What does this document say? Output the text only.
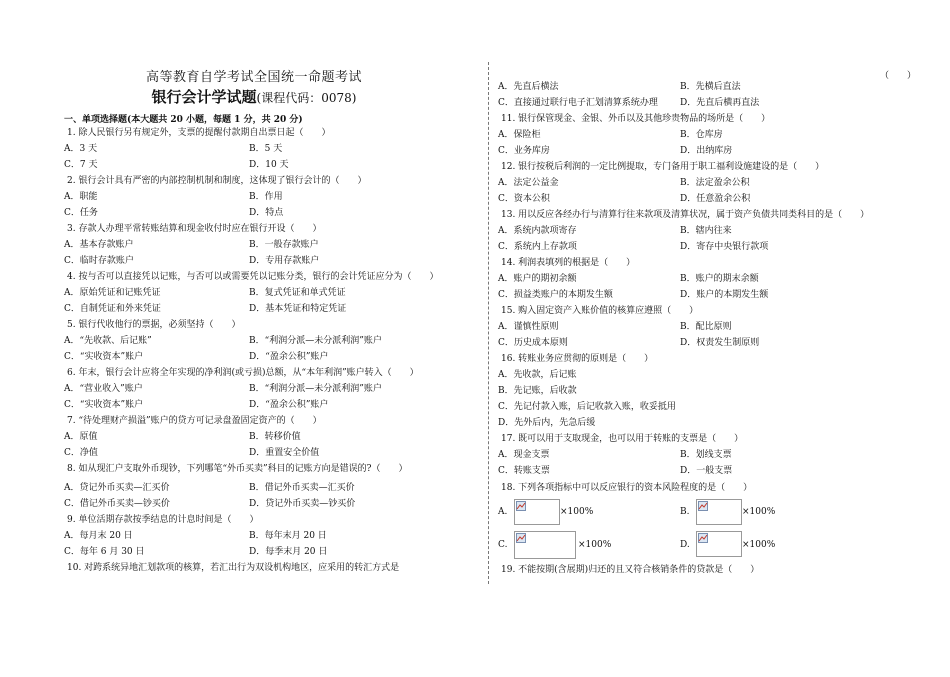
（　　）
高等教育自学考试全国统一命题考试
银行会计学试题(课程代码：0078)
一、单项选择题(本大题共 20 小题，每题 1 分，共 20 分)
1. 除人民银行另有规定外，支票的提醒付款期自出票日起（　　）
A．3 天	B．5 天
C．7 天	D．10 天
2. 银行会计具有严密的内部控制机制和制度，这体现了银行会计的（　　）
A．职能	B．作用
C．任务	D．特点
3. 存款人办理平常转账结算和现金收付时应在银行开设（　　）
A．基本存款账户	B．一般存款账户
C．临时存款账户	D．专用存款账户
4. 按与否可以直接凭以记账，与否可以或需要凭以记账分类，银行的会计凭证应分为（　　）
A．原始凭证和记账凭证	B．复式凭证和单式凭证
C．自制凭证和外来凭证	D．基本凭证和特定凭证
5. 银行代收他行的票据，必须坚持（　　）
A．“先收款、后记账”	B．“利润分派—未分派利润”账户
C．“实收资本”账户	D．“盈余公积”账户
6. 年末，银行会计应将全年实现的净利润(或亏损)总额，从“本年利润”账户转入（　　）
A．“营业收入”账户	B．“利润分派—未分派利润”账户
C．“实收资本”账户	D．“盈余公积”账户
7. “待处理财产损溢”账户的贷方可记录盘盈固定资产的（　　）
A．原值	B．转移价值
C．净值	D．重置安全价值
8. 如从现汇户支取外币现钞，下列哪笔“外币买卖”科目的记账方向是错误的?（　　）
A．贷记外币买卖—汇买价	B．借记外币买卖—汇买价
C．借记外币买卖—钞买价	D．贷记外币买卖—钞买价
9. 单位活期存款按季结息的计息时间是（　　）
A．每月末 20 日	B．每年末月 20 日
C．每年 6 月 30 日	D．每季末月 20 日
10. 对跨系统异地汇划款项的核算，若汇出行为双设机构地区，应采用的转汇方式是
A．先直后横法	B．先横后直法
C．直接通过联行电子汇划清算系统办理 D．先直后横再直法
11. 银行保管现金、金银、外币以及其他珍贵物品的场所是（　　）
A．保险柜	B．仓库房
C．业务库房	D．出纳库房
12. 银行按税后利润的一定比例提取，专门备用于职工福利设施建设的是（　　）
A．法定公益金	B．法定盈余公积
C．资本公积	D．任意盈余公积
13. 用以反应各经办行与清算行往来款项及清算状况，属于资产负债共同类科目的是（　　）
A．系统内款项寄存	B．辖内往来
C．系统内上存款项	D．寄存中央银行款项
14. 利润表填列的根据是（　　）
A．账户的期初余额	B．账户的期末余额
C．损益类账户的本期发生额	D．账户的本期发生额
15. 购入固定资产入账价值的核算应遵照（　　）
A．谨慎性原则	B．配比原则
C．历史成本原则	D．权责发生制原则
16. 转账业务应贯彻的原则是（　　）
A．先收款，后记账
B．先记账，后收款
C．先记付款入账，后记收款入账，收妥抵用
D．先外后内，先急后缓
17. 既可以用于支取现金，也可以用于转账的支票是（　　）
A．现金支票	B．划线支票
C．转账支票	D．一般支票
18. 下列各项指标中可以反应银行的资本风险程度的是（　　）
A.	×100%	B.	×100%
C.	×100%	D.	×100%
19. 不能按期(含展期)归还的且又符合核销条件的贷款是（　　）
